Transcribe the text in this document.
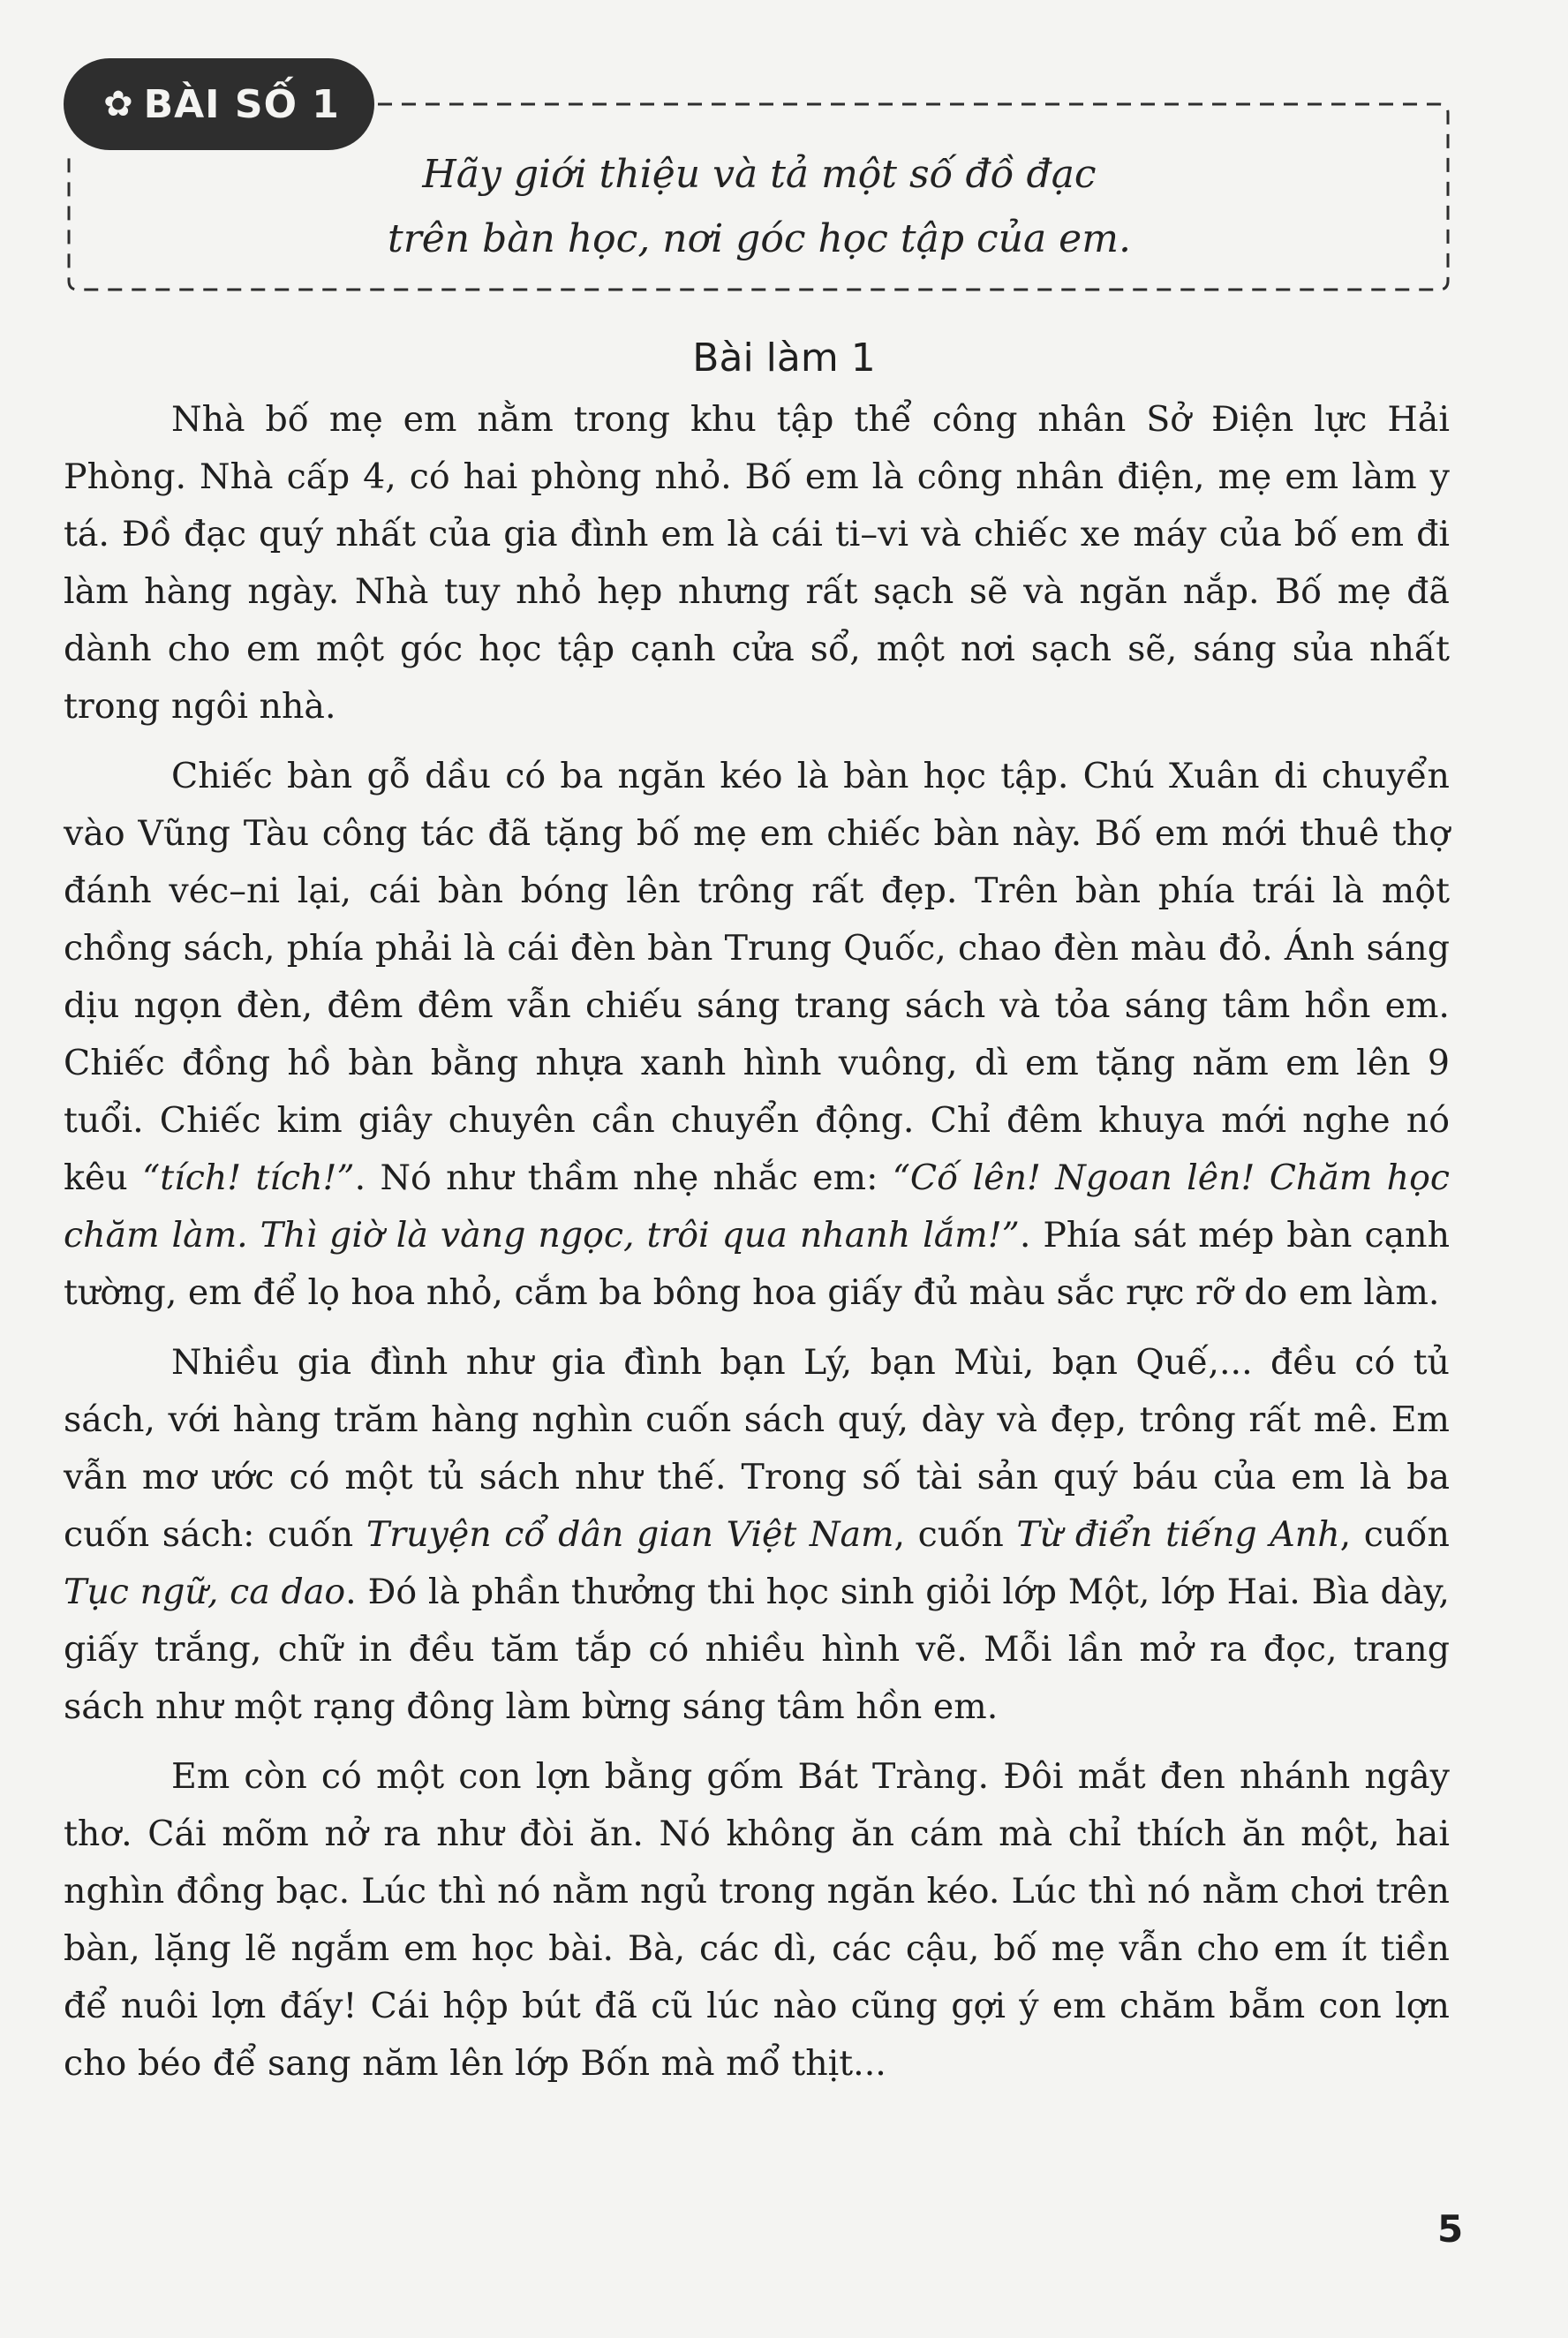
✿ BÀI SỐ 1
Hãy giới thiệu và tả một số đồ đạc
trên bàn học, nơi góc học tập của em.
Bài làm 1

Nhà bố mẹ em nằm trong khu tập thể công nhân Sở Điện lực Hải Phòng. Nhà cấp 4, có hai phòng nhỏ. Bố em là công nhân điện, mẹ em làm y tá. Đồ đạc quý nhất của gia đình em là cái ti–vi và chiếc xe máy của bố em đi làm hàng ngày. Nhà tuy nhỏ hẹp nhưng rất sạch sẽ và ngăn nắp. Bố mẹ đã dành cho em một góc học tập cạnh cửa sổ, một nơi sạch sẽ, sáng sủa nhất trong ngôi nhà.

Chiếc bàn gỗ dầu có ba ngăn kéo là bàn học tập. Chú Xuân di chuyển vào Vũng Tàu công tác đã tặng bố mẹ em chiếc bàn này. Bố em mới thuê thợ đánh véc–ni lại, cái bàn bóng lên trông rất đẹp. Trên bàn phía trái là một chồng sách, phía phải là cái đèn bàn Trung Quốc, chao đèn màu đỏ. Ánh sáng dịu ngọn đèn, đêm đêm vẫn chiếu sáng trang sách và tỏa sáng tâm hồn em. Chiếc đồng hồ bàn bằng nhựa xanh hình vuông, dì em tặng năm em lên 9 tuổi. Chiếc kim giây chuyên cần chuyển động. Chỉ đêm khuya mới nghe nó kêu “tích! tích!”. Nó như thầm nhẹ nhắc em: “Cố lên! Ngoan lên! Chăm học chăm làm. Thì giờ là vàng ngọc, trôi qua nhanh lắm!”. Phía sát mép bàn cạnh tường, em để lọ hoa nhỏ, cắm ba bông hoa giấy đủ màu sắc rực rỡ do em làm.

Nhiều gia đình như gia đình bạn Lý, bạn Mùi, bạn Quế,... đều có tủ sách, với hàng trăm hàng nghìn cuốn sách quý, dày và đẹp, trông rất mê. Em vẫn mơ ước có một tủ sách như thế. Trong số tài sản quý báu của em là ba cuốn sách: cuốn Truyện cổ dân gian Việt Nam, cuốn Từ điển tiếng Anh, cuốn Tục ngữ, ca dao. Đó là phần thưởng thi học sinh giỏi lớp Một, lớp Hai. Bìa dày, giấy trắng, chữ in đều tăm tắp có nhiều hình vẽ. Mỗi lần mở ra đọc, trang sách như một rạng đông làm bừng sáng tâm hồn em.

Em còn có một con lợn bằng gốm Bát Tràng. Đôi mắt đen nhánh ngây thơ. Cái mõm nở ra như đòi ăn. Nó không ăn cám mà chỉ thích ăn một, hai nghìn đồng bạc. Lúc thì nó nằm ngủ trong ngăn kéo. Lúc thì nó nằm chơi trên bàn, lặng lẽ ngắm em học bài. Bà, các dì, các cậu, bố mẹ vẫn cho em ít tiền để nuôi lợn đấy! Cái hộp bút đã cũ lúc nào cũng gợi ý em chăm bẵm con lợn cho béo để sang năm lên lớp Bốn mà mổ thịt...

5
